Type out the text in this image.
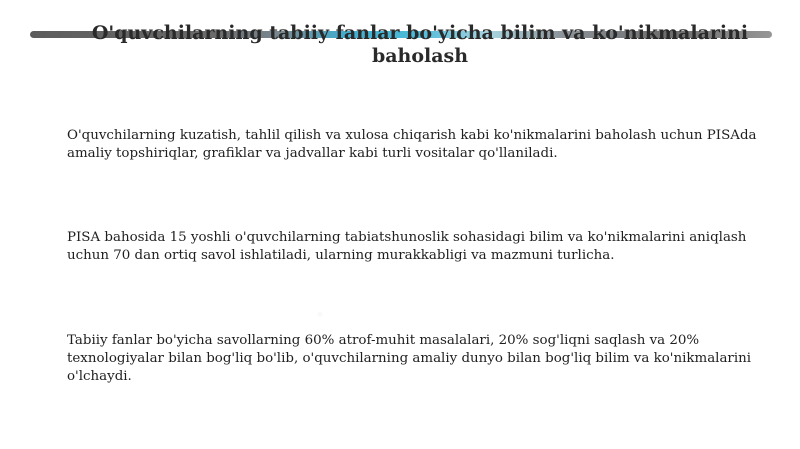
O'quvchilarning tabiiy fanlar bo'yicha bilim va ko'nikmalarini baholash

O'quvchilarning kuzatish, tahlil qilish va xulosa chiqarish kabi ko'nikmalarini baholash uchun PISAda amaliy topshiriqlar, grafiklar va jadvallar kabi turli vositalar qo'llaniladi.

PISA bahosida 15 yoshli o'quvchilarning tabiatshunoslik sohasidagi bilim va ko'nikmalarini aniqlash uchun 70 dan ortiq savol ishlatiladi, ularning murakkabligi va mazmuni turlicha.

Tabiiy fanlar bo'yicha savollarning 60% atrof-muhit masalalari, 20% sog'liqni saqlash va 20% texnologiyalar bilan bog'liq bo'lib, o'quvchilarning amaliy dunyo bilan bog'liq bilim va ko'nikmalarini o'lchaydi.
